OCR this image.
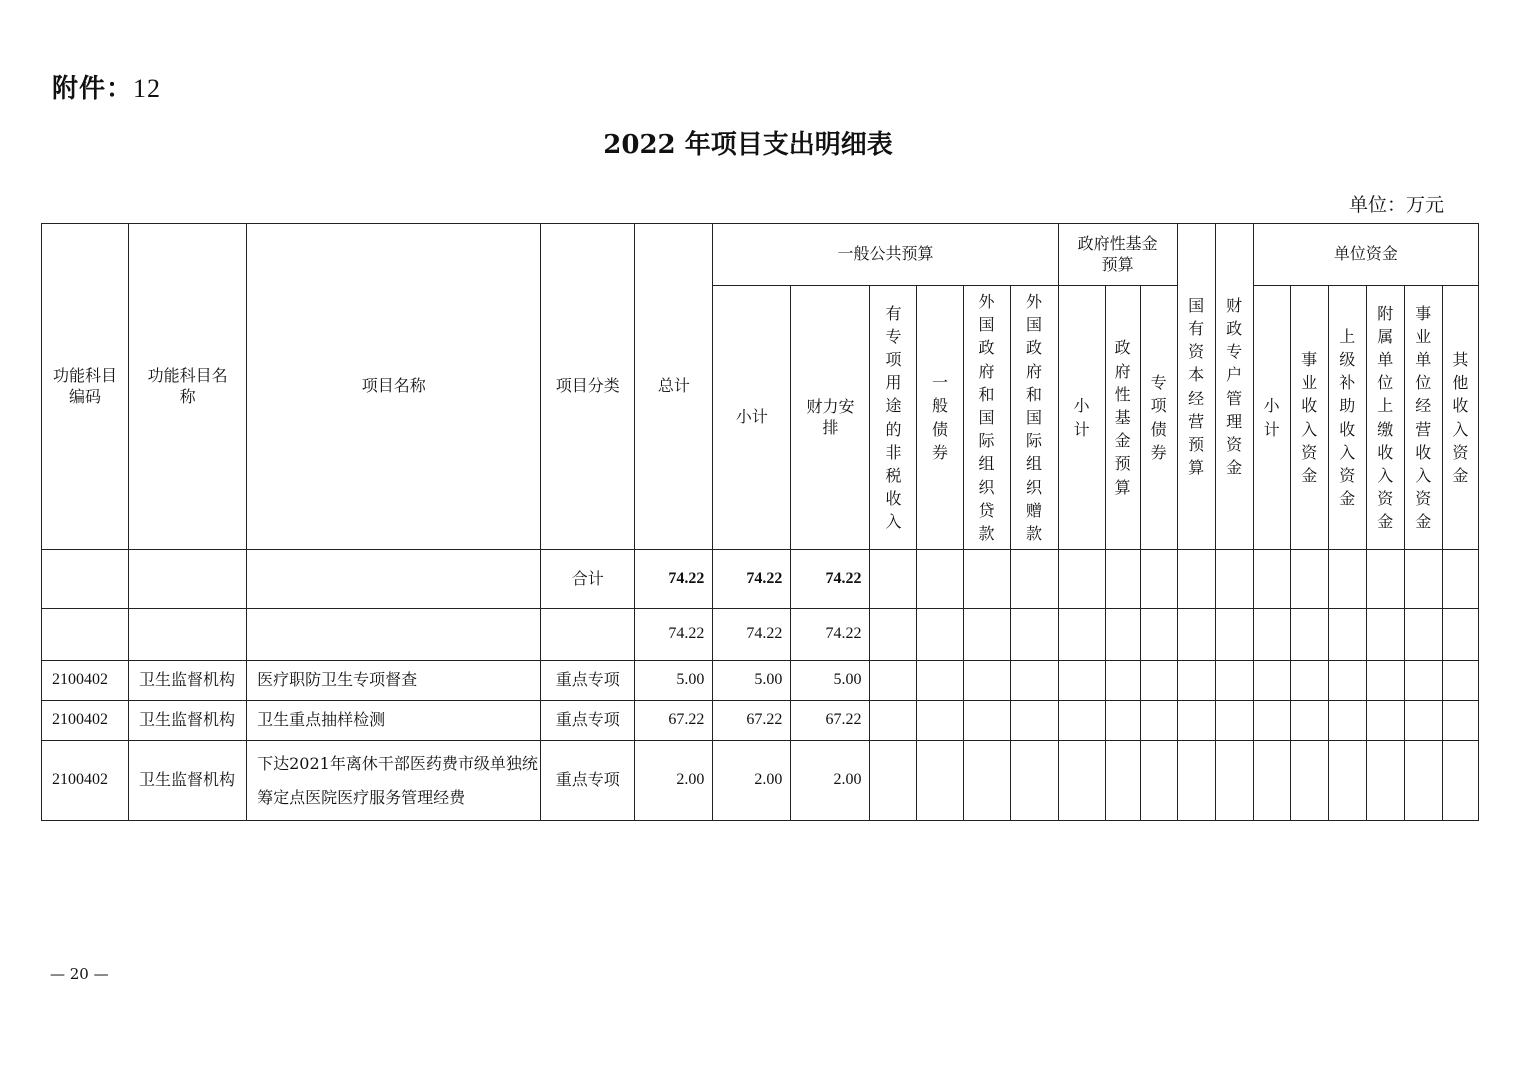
附件：12
2022 年项目支出明细表
单位：万元
功能科目编码	功能科目名称	项目名称	项目分类	总计	一般公共预算						政府性基金预算			国有资本经营预算	财政专户管理资金	单位资金					
					小计	财力安排	有专项用途的非税收入	一般债券	外国政府和国际组织贷款	外国政府和国际组织赠款	小计	政府性基金预算	专项债券			小计	事业收入资金	上级补助收入资金	附属单位上缴收入资金	事业单位经营收入资金	其他收入资金
			合计	74.22	74.22	74.22															
				74.22	74.22	74.22															
2100402	卫生监督机构	医疗职防卫生专项督查	重点专项	5.00	5.00	5.00															
2100402	卫生监督机构	卫生重点抽样检测	重点专项	67.22	67.22	67.22															
2100402	卫生监督机构	下达2021年离休干部医药费市级单独统筹定点医院医疗服务管理经费	重点专项	2.00	2.00	2.00															
— 20 —
